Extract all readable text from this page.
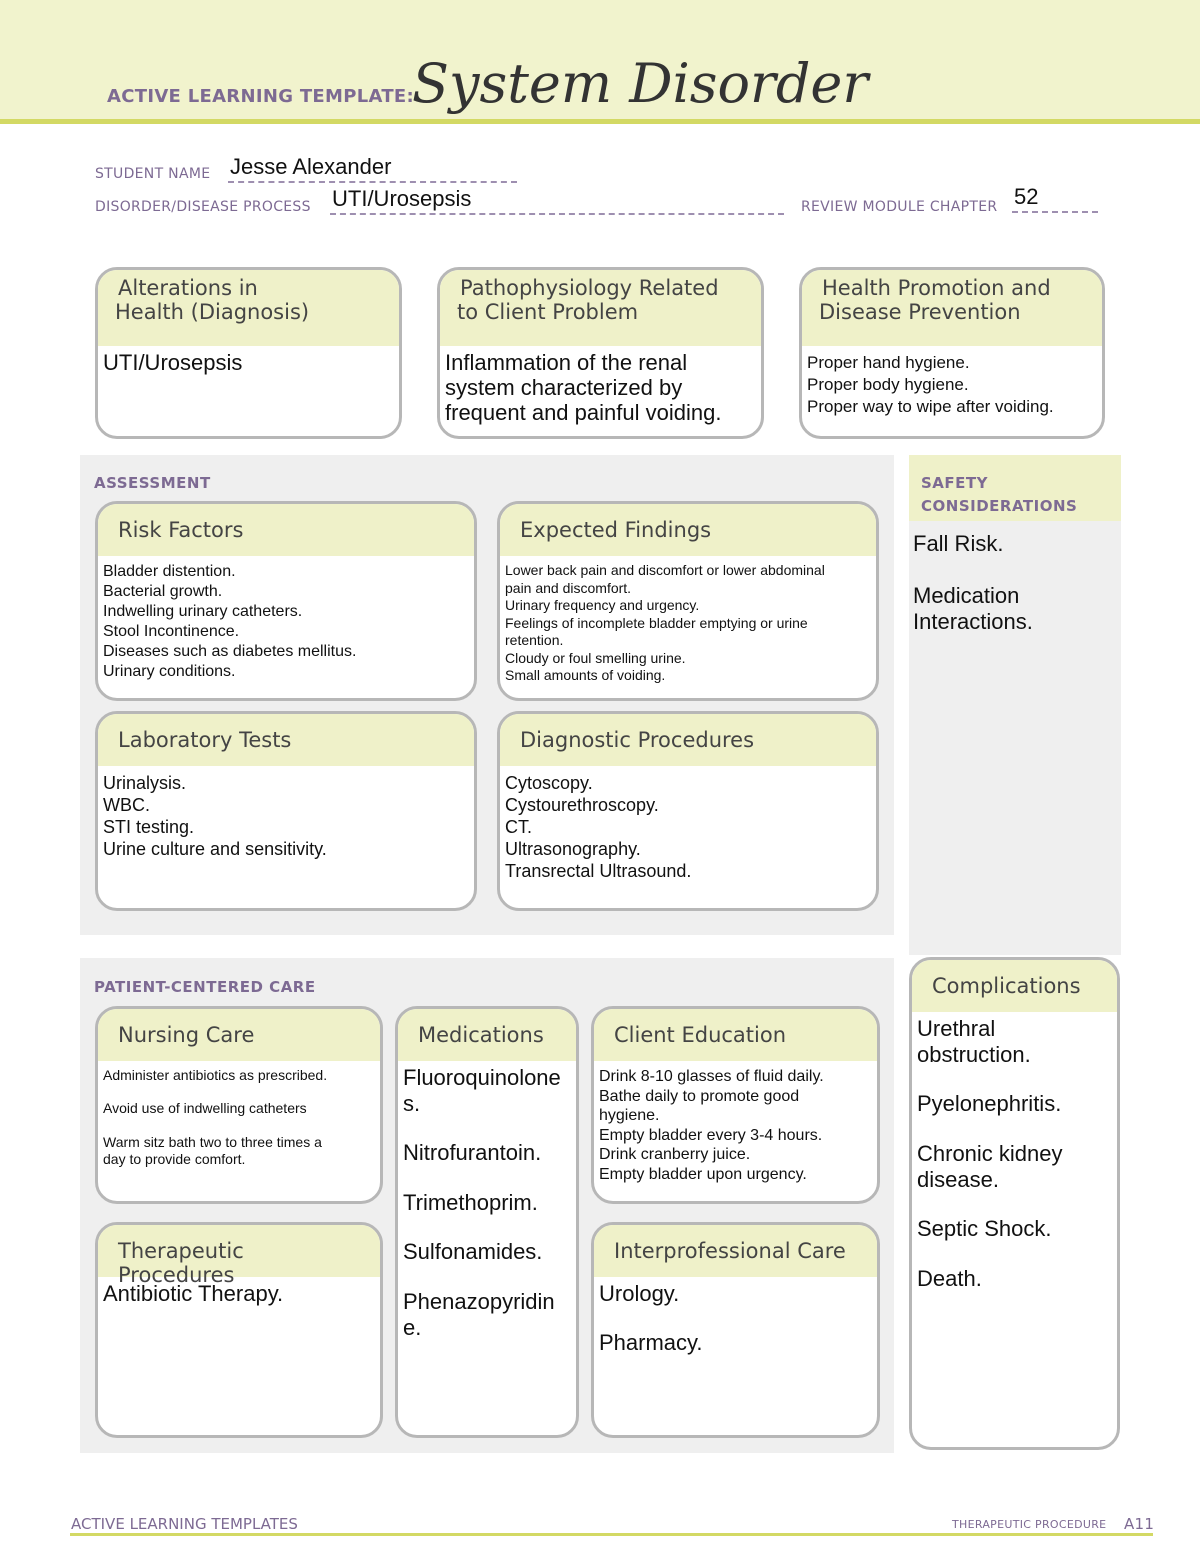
ACTIVE LEARNING TEMPLATE:
System Disorder
STUDENT NAME Jesse Alexander
DISORDER/DISEASE PROCESS UTI/Urosepsis	REVIEW MODULE CHAPTER 52
ASSESSMENT
PATIENT-CENTERED CARE
SAFETY
CONSIDERATIONS
Fall Risk.
Medication
Interactions.
Alterations in
Health (Diagnosis)
UTI/Urosepsis
Pathophysiology Related
to Client Problem
Inflammation of the renal
system characterized by
frequent and painful voiding.
Health Promotion and
Disease Prevention
Proper hand hygiene.
Proper body hygiene.
Proper way to wipe after voiding.
Risk Factors
Bladder distention.
Bacterial growth.
Indwelling urinary catheters.
Stool Incontinence.
Diseases such as diabetes mellitus.
Urinary conditions.
Expected Findings
Lower back pain and discomfort or lower abdominal
pain and discomfort.
Urinary frequency and urgency.
Feelings of incomplete bladder emptying or urine
retention.
Cloudy or foul smelling urine.
Small amounts of voiding.
Laboratory Tests
Urinalysis.
WBC.
STI testing.
Urine culture and sensitivity.
Diagnostic Procedures
Cytoscopy.
Cystourethroscopy.
CT.
Ultrasonography.
Transrectal Ultrasound.
Nursing Care
Administer antibiotics as prescribed.

Avoid use of indwelling catheters

Warm sitz bath two to three times a
day to provide comfort.
Medications
Fluoroquinolone
s.

Nitrofurantoin.

Trimethoprim.

Sulfonamides.

Phenazopyridin
e.
Client Education
Drink 8-10 glasses of fluid daily.
Bathe daily to promote good
hygiene.
Empty bladder every 3-4 hours.
Drink cranberry juice.
Empty bladder upon urgency.
Therapeutic Procedures
Antibiotic Therapy.
Interprofessional Care
Urology.

Pharmacy.
Complications
Urethral
obstruction.

Pyelonephritis.

Chronic kidney
disease.

Septic Shock.

Death.
ACTIVE LEARNING TEMPLATES	THERAPEUTIC PROCEDURE A11
